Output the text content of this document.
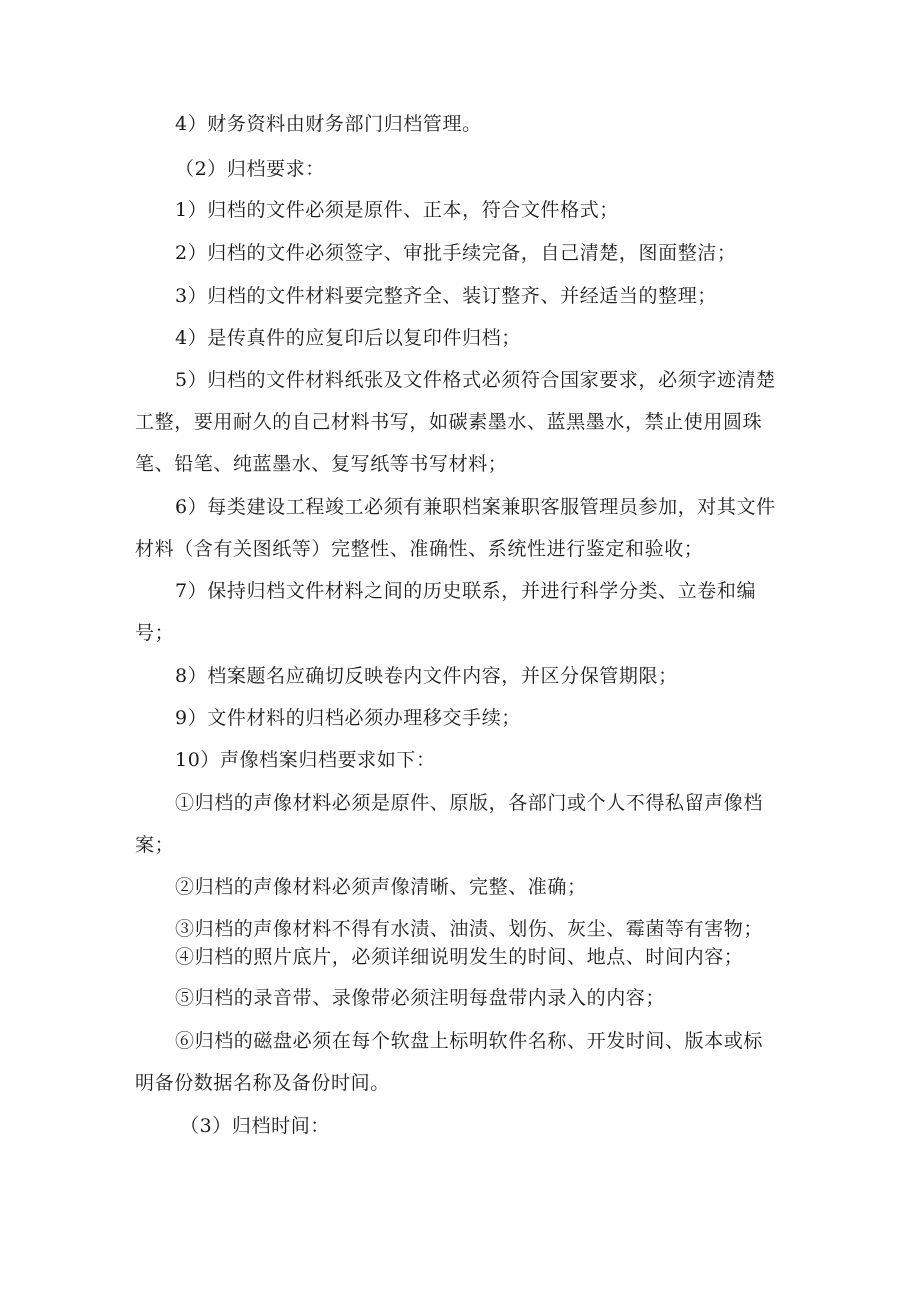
4）财务资料由财务部门归档管理。
（2）归档要求：
1）归档的文件必须是原件、正本，符合文件格式；
2）归档的文件必须签字、审批手续完备，自己清楚，图面整洁；
3）归档的文件材料要完整齐全、装订整齐、并经适当的整理；
4）是传真件的应复印后以复印件归档；
5）归档的文件材料纸张及文件格式必须符合国家要求，必须字迹清楚
工整，要用耐久的自己材料书写，如碳素墨水、蓝黑墨水，禁止使用圆珠
笔、铅笔、纯蓝墨水、复写纸等书写材料；
6）每类建设工程竣工必须有兼职档案兼职客服管理员参加，对其文件
材料（含有关图纸等）完整性、准确性、系统性进行鉴定和验收；
7）保持归档文件材料之间的历史联系，并进行科学分类、立卷和编
号；
8）档案题名应确切反映卷内文件内容，并区分保管期限；
9）文件材料的归档必须办理移交手续；
10）声像档案归档要求如下：
①归档的声像材料必须是原件、原版，各部门或个人不得私留声像档
案；
②归档的声像材料必须声像清晰、完整、准确；
③归档的声像材料不得有水渍、油渍、划伤、灰尘、霉菌等有害物；
④归档的照片底片，必须详细说明发生的时间、地点、时间内容；
⑤归档的录音带、录像带必须注明每盘带内录入的内容；
⑥归档的磁盘必须在每个软盘上标明软件名称、开发时间、版本或标
明备份数据名称及备份时间。
（3）归档时间：
